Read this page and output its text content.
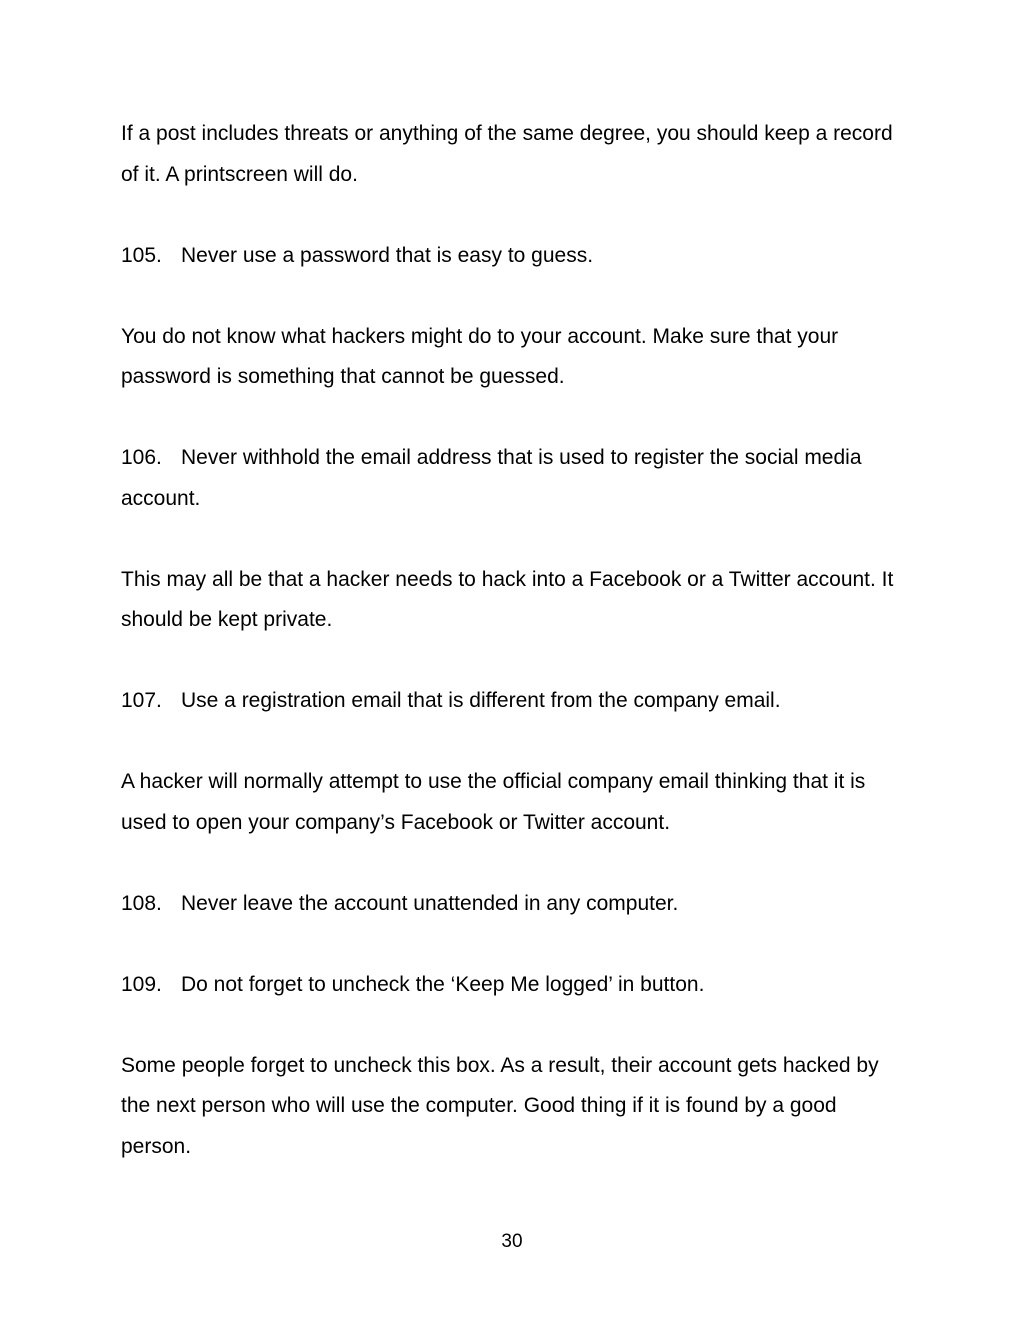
If a post includes threats or anything of the same degree, you should keep a record of it. A printscreen will do.

105. Never use a password that is easy to guess.

You do not know what hackers might do to your account. Make sure that your password is something that cannot be guessed.

106. Never withhold the email address that is used to register the social media account.

This may all be that a hacker needs to hack into a Facebook or a Twitter account. It should be kept private.

107. Use a registration email that is different from the company email.

A hacker will normally attempt to use the official company email thinking that it is used to open your company’s Facebook or Twitter account.

108. Never leave the account unattended in any computer.
109. Do not forget to uncheck the ‘Keep Me logged’ in button.

Some people forget to uncheck this box. As a result, their account gets hacked by the next person who will use the computer. Good thing if it is found by a good person.

30
